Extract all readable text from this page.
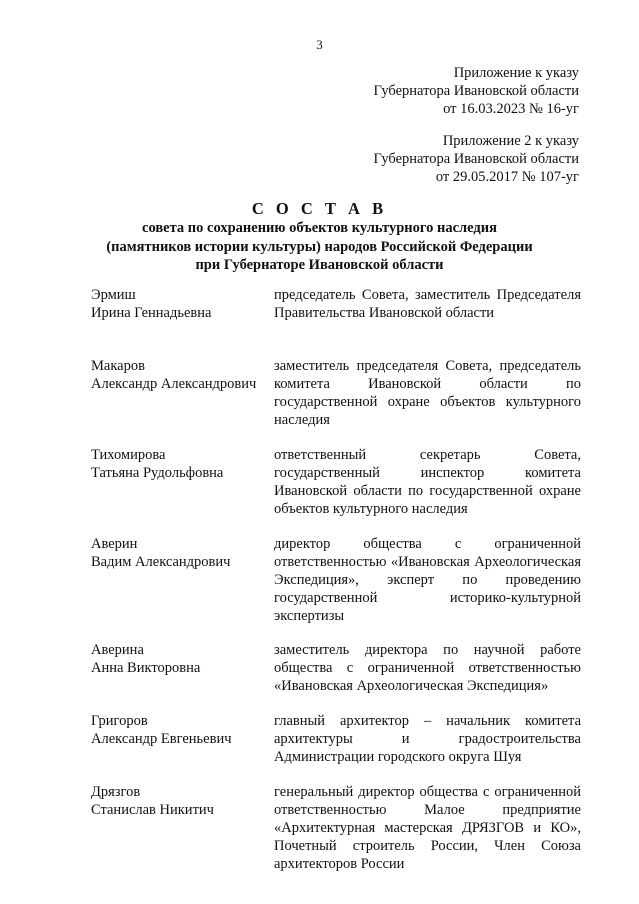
3
Приложение к указу
Губернатора Ивановской области
от 16.03.2023 № 16-уг
Приложение 2 к указу
Губернатора Ивановской области
от 29.05.2017 № 107-уг
С О С Т А В
совета по сохранению объектов культурного наследия
(памятников истории культуры) народов Российской Федерации
при Губернаторе Ивановской области
Эрмиш
Ирина Геннадьевна
председатель Совета, заместитель Председателя Правительства Ивановской области
Макаров
Александр Александрович
заместитель председателя Совета, председатель комитета Ивановской области по государственной охране объектов культурного наследия
Тихомирова
Татьяна Рудольфовна
ответственный секретарь Совета, государственный инспектор комитета Ивановской области по государственной охране объектов культурного наследия
Аверин
Вадим Александрович
директор общества с ограниченной ответственностью «Ивановская Археологическая Экспедиция», эксперт по проведению государственной историко-культурной экспертизы
Аверина
Анна Викторовна
заместитель директора по научной работе общества с ограниченной ответственностью «Ивановская Археологическая Экспедиция»
Григоров
Александр Евгеньевич
главный архитектор – начальник комитета архитектуры и градостроительства Администрации городского округа Шуя
Дрязгов
Станислав Никитич
генеральный директор общества с ограниченной ответственностью Малое предприятие «Архитектурная мастерская ДРЯЗГОВ и КО», Почетный строитель России, Член Союза архитекторов России
